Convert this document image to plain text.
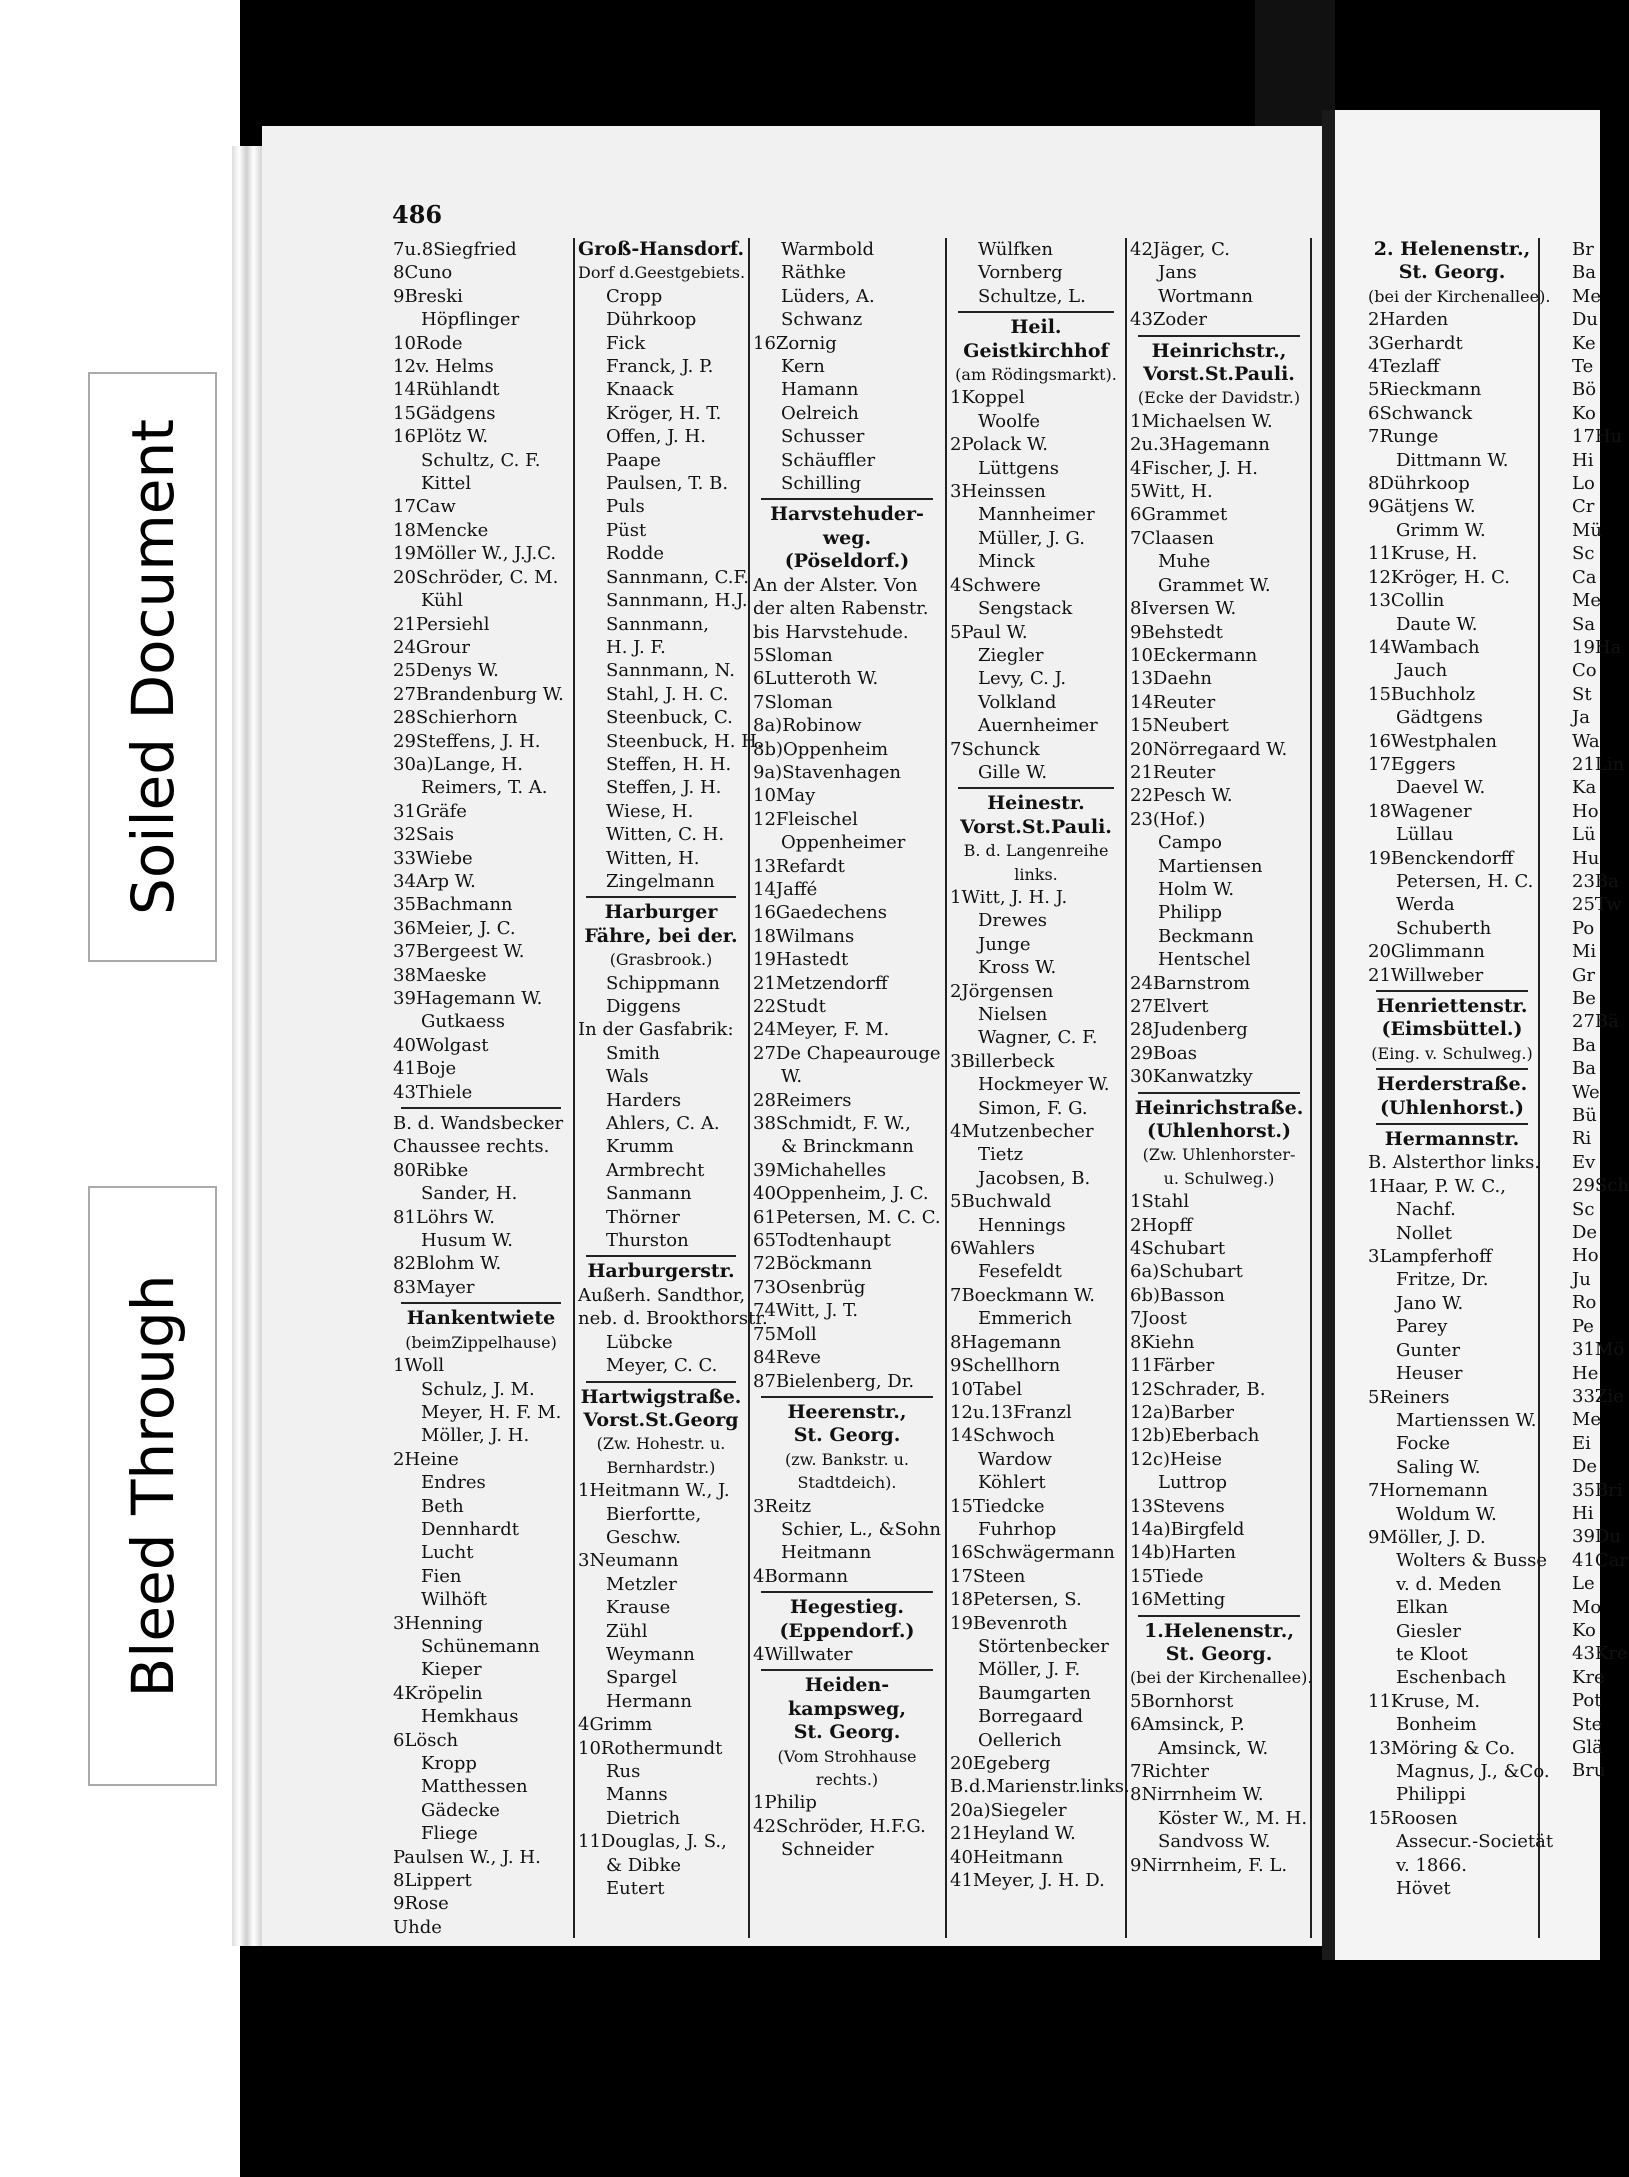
Soiled Document
Bleed Through
486
7u.8Siegfried
8Cuno
9Breski
Höpflinger
10Rode
12v. Helms
14Rühlandt
15Gädgens
16Plötz W.
Schultz, C. F.
Kittel
17Caw
18Mencke
19Möller W., J.J.C.
20Schröder, C. M.
Kühl
21Persiehl
24Grour
25Denys W.
27Brandenburg W.
28Schierhorn
29Steffens, J. H.
30a)Lange, H.
Reimers, T. A.
31Gräfe
32Sais
33Wiebe
34Arp W.
35Bachmann
36Meier, J. C.
37Bergeest W.
38Maeske
39Hagemann W.
Gutkaess
40Wolgast
41Boje
43Thiele
B. d. Wandsbecker
Chaussee rechts.
80Ribke
Sander, H.
81Löhrs W.
Husum W.
82Blohm W.
83Mayer
Hankentwiete
(beimZippelhause)
1Woll
Schulz, J. M.
Meyer, H. F. M.
Möller, J. H.
2Heine
Endres
Beth
Dennhardt
Lucht
Fien
Wilhöft
3Henning
Schünemann
Kieper
4Kröpelin
Hemkhaus
6Lösch
Kropp
Matthessen
Gädecke
Fliege
Paulsen W., J. H.
8Lippert
9Rose
Uhde
Groß-Hansdorf.
Dorf d.Geestgebiets.
Cropp
Dührkoop
Fick
Franck, J. P.
Knaack
Kröger, H. T.
Offen, J. H.
Paape
Paulsen, T. B.
Puls
Püst
Rodde
Sannmann, C.F.
Sannmann, H.J.
Sannmann,
H. J. F.
Sannmann, N.
Stahl, J. H. C.
Steenbuck, C.
Steenbuck, H. H.
Steffen, H. H.
Steffen, J. H.
Wiese, H.
Witten, C. H.
Witten, H.
Zingelmann
Harburger
Fähre, bei der.
(Grasbrook.)
Schippmann
Diggens
In der Gasfabrik:
Smith
Wals
Harders
Ahlers, C. A.
Krumm
Armbrecht
Sanmann
Thörner
Thurston
Harburgerstr.
Außerh. Sandthor,
neb. d. Brookthorstr.
Lübcke
Meyer, C. C.
Hartwigstraße.
Vorst.St.Georg
(Zw. Hohestr. u.
Bernhardstr.)
1Heitmann W., J.
Bierfortte,
Geschw.
3Neumann
Metzler
Krause
Zühl
Weymann
Spargel
Hermann
4Grimm
10Rothermundt
Rus
Manns
Dietrich
11Douglas, J. S.,
& Dibke
Eutert
Warmbold
Räthke
Lüders, A.
Schwanz
16Zornig
Kern
Hamann
Oelreich
Schusser
Schäuffler
Schilling
Harvstehuder-
weg.
(Pöseldorf.)
An der Alster. Von
der alten Rabenstr.
bis Harvstehude.
5Sloman
6Lutteroth W.
7Sloman
8a)Robinow
8b)Oppenheim
9a)Stavenhagen
10May
12Fleischel
Oppenheimer
13Refardt
14Jaffé
16Gaedechens
18Wilmans
19Hastedt
21Metzendorff
22Studt
24Meyer, F. M.
27De Chapeaurouge
W.
28Reimers
38Schmidt, F. W.,
& Brinckmann
39Michahelles
40Oppenheim, J. C.
61Petersen, M. C. C.
65Todtenhaupt
72Böckmann
73Osenbrüg
74Witt, J. T.
75Moll
84Reve
87Bielenberg, Dr.
Heerenstr.,
St. Georg.
(zw. Bankstr. u.
Stadtdeich).
3Reitz
Schier, L., &Sohn
Heitmann
4Bormann
Hegestieg.
(Eppendorf.)
4Willwater
Heiden-
kampsweg,
St. Georg.
(Vom Strohhause
rechts.)
1Philip
42Schröder, H.F.G.
Schneider
Wülfken
Vornberg
Schultze, L.
Heil.
Geistkirchhof
(am Rödingsmarkt).
1Koppel
Woolfe
2Polack W.
Lüttgens
3Heinssen
Mannheimer
Müller, J. G.
Minck
4Schwere
Sengstack
5Paul W.
Ziegler
Levy, C. J.
Volkland
Auernheimer
7Schunck
Gille W.
Heinestr.
Vorst.St.Pauli.
B. d. Langenreihe
links.
1Witt, J. H. J.
Drewes
Junge
Kross W.
2Jörgensen
Nielsen
Wagner, C. F.
3Billerbeck
Hockmeyer W.
Simon, F. G.
4Mutzenbecher
Tietz
Jacobsen, B.
5Buchwald
Hennings
6Wahlers
Fesefeldt
7Boeckmann W.
Emmerich
8Hagemann
9Schellhorn
10Tabel
12u.13Franzl
14Schwoch
Wardow
Köhlert
15Tiedcke
Fuhrhop
16Schwägermann
17Steen
18Petersen, S.
19Bevenroth
Störtenbecker
Möller, J. F.
Baumgarten
Borregaard
Oellerich
20Egeberg
B.d.Marienstr.links.
20a)Siegeler
21Heyland W.
40Heitmann
41Meyer, J. H. D.
42Jäger, C.
Jans
Wortmann
43Zoder
Heinrichstr.,
Vorst.St.Pauli.
(Ecke der Davidstr.)
1Michaelsen W.
2u.3Hagemann
4Fischer, J. H.
5Witt, H.
6Grammet
7Claasen
Muhe
Grammet W.
8Iversen W.
9Behstedt
10Eckermann
13Daehn
14Reuter
15Neubert
20Nörregaard W.
21Reuter
22Pesch W.
23(Hof.)
Campo
Martiensen
Holm W.
Philipp
Beckmann
Hentschel
24Barnstrom
27Elvert
28Judenberg
29Boas
30Kanwatzky
Heinrichstraße.
(Uhlenhorst.)
(Zw. Uhlenhorster-
u. Schulweg.)
1Stahl
2Hopff
4Schubart
6a)Schubart
6b)Basson
7Joost
8Kiehn
11Färber
12Schrader, B.
12a)Barber
12b)Eberbach
12c)Heise
Luttrop
13Stevens
14a)Birgfeld
14b)Harten
15Tiede
16Metting
1.Helenenstr.,
St. Georg.
(bei der Kirchenallee).
5Bornhorst
6Amsinck, P.
Amsinck, W.
7Richter
8Nirrnheim W.
Köster W., M. H.
Sandvoss W.
9Nirrnheim, F. L.
2. Helenenstr.,
St. Georg.
(bei der Kirchenallee).
2Harden
3Gerhardt
4Tezlaff
5Rieckmann
6Schwanck
7Runge
Dittmann W.
8Dührkoop
9Gätjens W.
Grimm W.
11Kruse, H.
12Kröger, H. C.
13Collin
Daute W.
14Wambach
Jauch
15Buchholz
Gädtgens
16Westphalen
17Eggers
Daevel W.
18Wagener
Lüllau
19Benckendorff
Petersen, H. C.
Werda
Schuberth
20Glimmann
21Willweber
Henriettenstr.
(Eimsbüttel.)
(Eing. v. Schulweg.)
Herderstraße.
(Uhlenhorst.)
Hermannstr.
B. Alsterthor links.
1Haar, P. W. C.,
Nachf.
Nollet
3Lampferhoff
Fritze, Dr.
Jano W.
Parey
Gunter
Heuser
5Reiners
Martienssen W.
Focke
Saling W.
7Hornemann
Woldum W.
9Möller, J. D.
Wolters & Busse
v. d. Meden
Elkan
Giesler
te Kloot
Eschenbach
11Kruse, M.
Bonheim
13Möring & Co.
Magnus, J., &Co.
Philippi
15Roosen
Assecur.-Societät
v. 1866.
Hövet
Br
Ba
Me
Du
Ke
Te
Bö
Ko
17Hu
Hi
Lo
Cr
Mü
Sc
Ca
Me
Sa
19Ha
Co
St
Ja
Wa
21Lin
Ka
Ho
Lü
Hu
23Ba
25Tw
Po
Mi
Gr
Be
27Bä
Ba
Ba
We
Bü
Ri
Ev
29Sch
Sc
De
Ho
Ju
Ro
Pe
31Mö
He
33Zie
Me
Ei
De
35Bri
Hi
39Du
41Car
Le
Mo
Ko
43Kre
Kre
Pot
Ste
Glä
Bru
